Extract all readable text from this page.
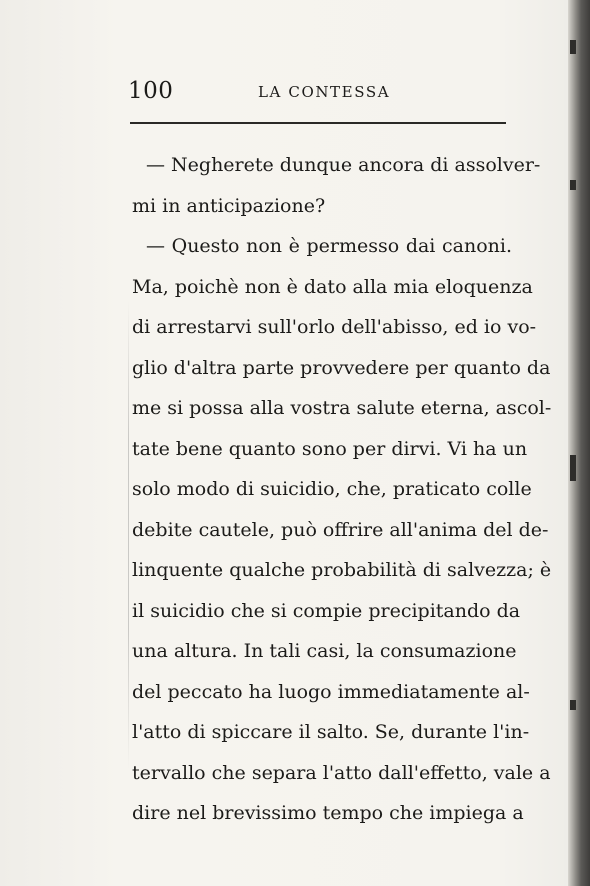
100	LA CONTESSA
— Negherete dunque ancora di assolver-
mi in anticipazione?
— Questo non è permesso dai canoni.
Ma, poichè non è dato alla mia eloquenza
di arrestarvi sull'orlo dell'abisso, ed io vo-
glio d'altra parte provvedere per quanto da
me si possa alla vostra salute eterna, ascol-
tate bene quanto sono per dirvi. Vi ha un
solo modo di suicidio, che, praticato colle
debite cautele, può offrire all'anima del de-
linquente qualche probabilità di salvezza; è
il suicidio che si compie precipitando da
una altura. In tali casi, la consumazione
del peccato ha luogo immediatamente al-
l'atto di spiccare il salto. Se, durante l'in-
tervallo che separa l'atto dall'effetto, vale a
dire nel brevissimo tempo che impiega a
